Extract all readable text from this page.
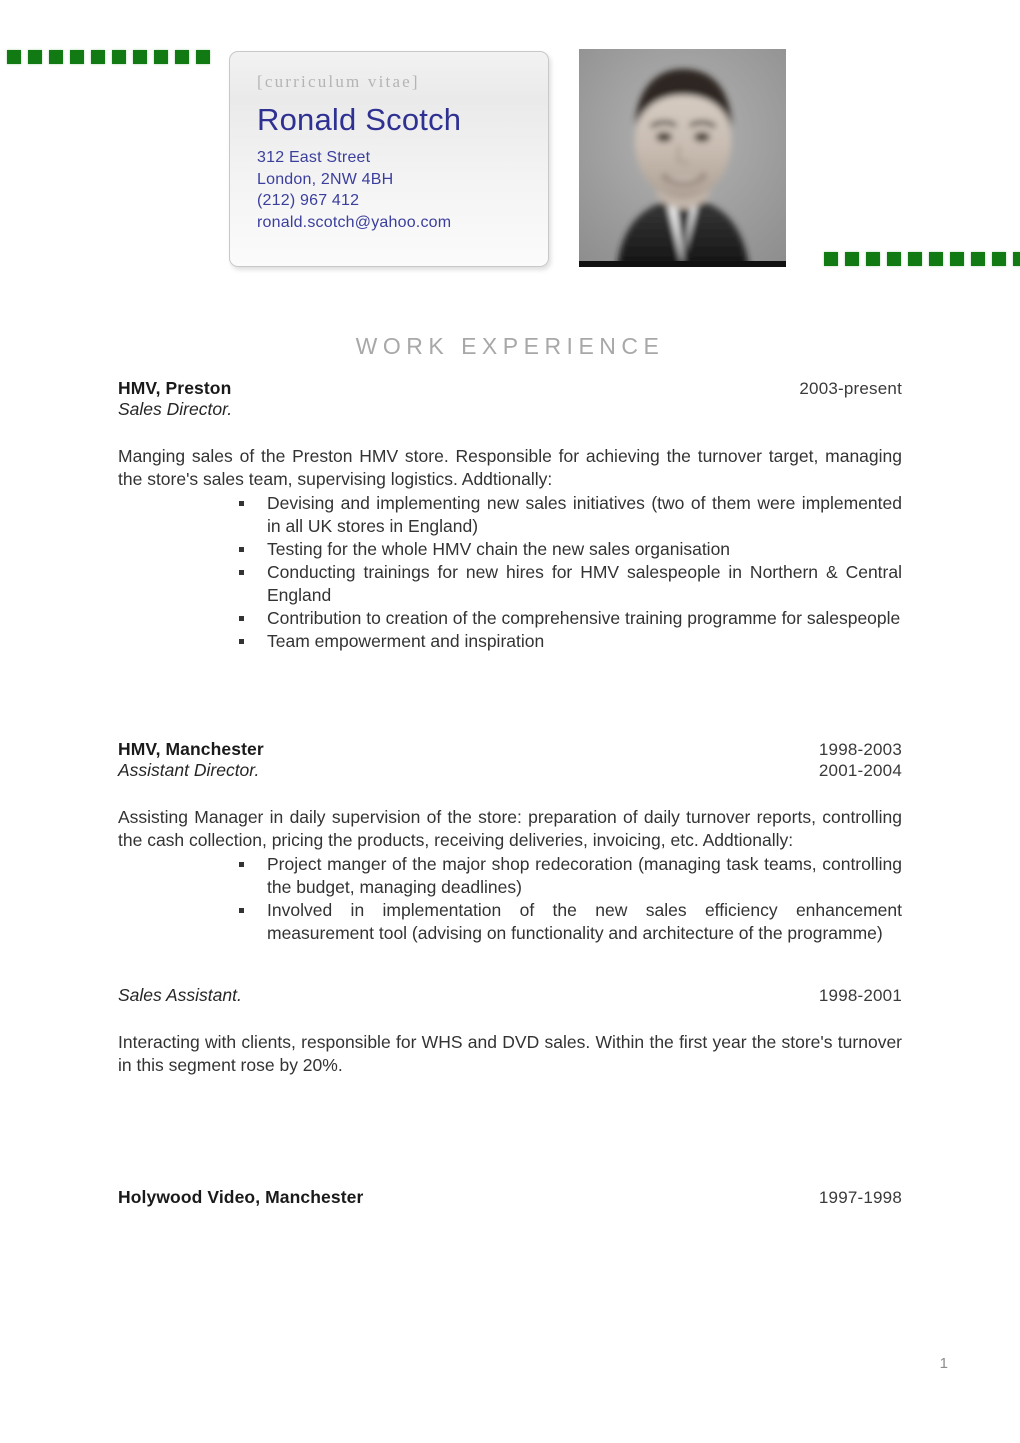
[curriculum vitae]
Ronald Scotch
312 East Street
London, 2NW 4BH
(212) 967 412
ronald.scotch@yahoo.com
WORK EXPERIENCE
HMV, Preston	2003-present
Sales Director.

Manging sales of the Preston HMV store. Responsible for achieving the turnover target, managing the store's sales team, supervising logistics. Addtionally:

Devising and implementing new sales initiatives (two of them were implemented in all UK stores in England)
Testing for the whole HMV chain the new sales organisation
Conducting trainings for new hires for HMV salespeople in Northern & Central England
Contribution to creation of the comprehensive training programme for salespeople
Team empowerment and inspiration
HMV, Manchester	1998-2003
Assistant Director.	2001-2004

Assisting Manager in daily supervision of the store: preparation of daily turnover reports, controlling the cash collection, pricing the products, receiving deliveries, invoicing, etc. Addtionally:

Project manger of the major shop redecoration (managing task teams, controlling the budget, managing deadlines)
Involved in implementation of the new sales efficiency enhancement measurement tool (advising on functionality and architecture of the programme)
Sales Assistant.	1998-2001

Interacting with clients, responsible for WHS and DVD sales. Within the first year the store's turnover in this segment rose by 20%.

Holywood Video, Manchester	1997-1998
1
